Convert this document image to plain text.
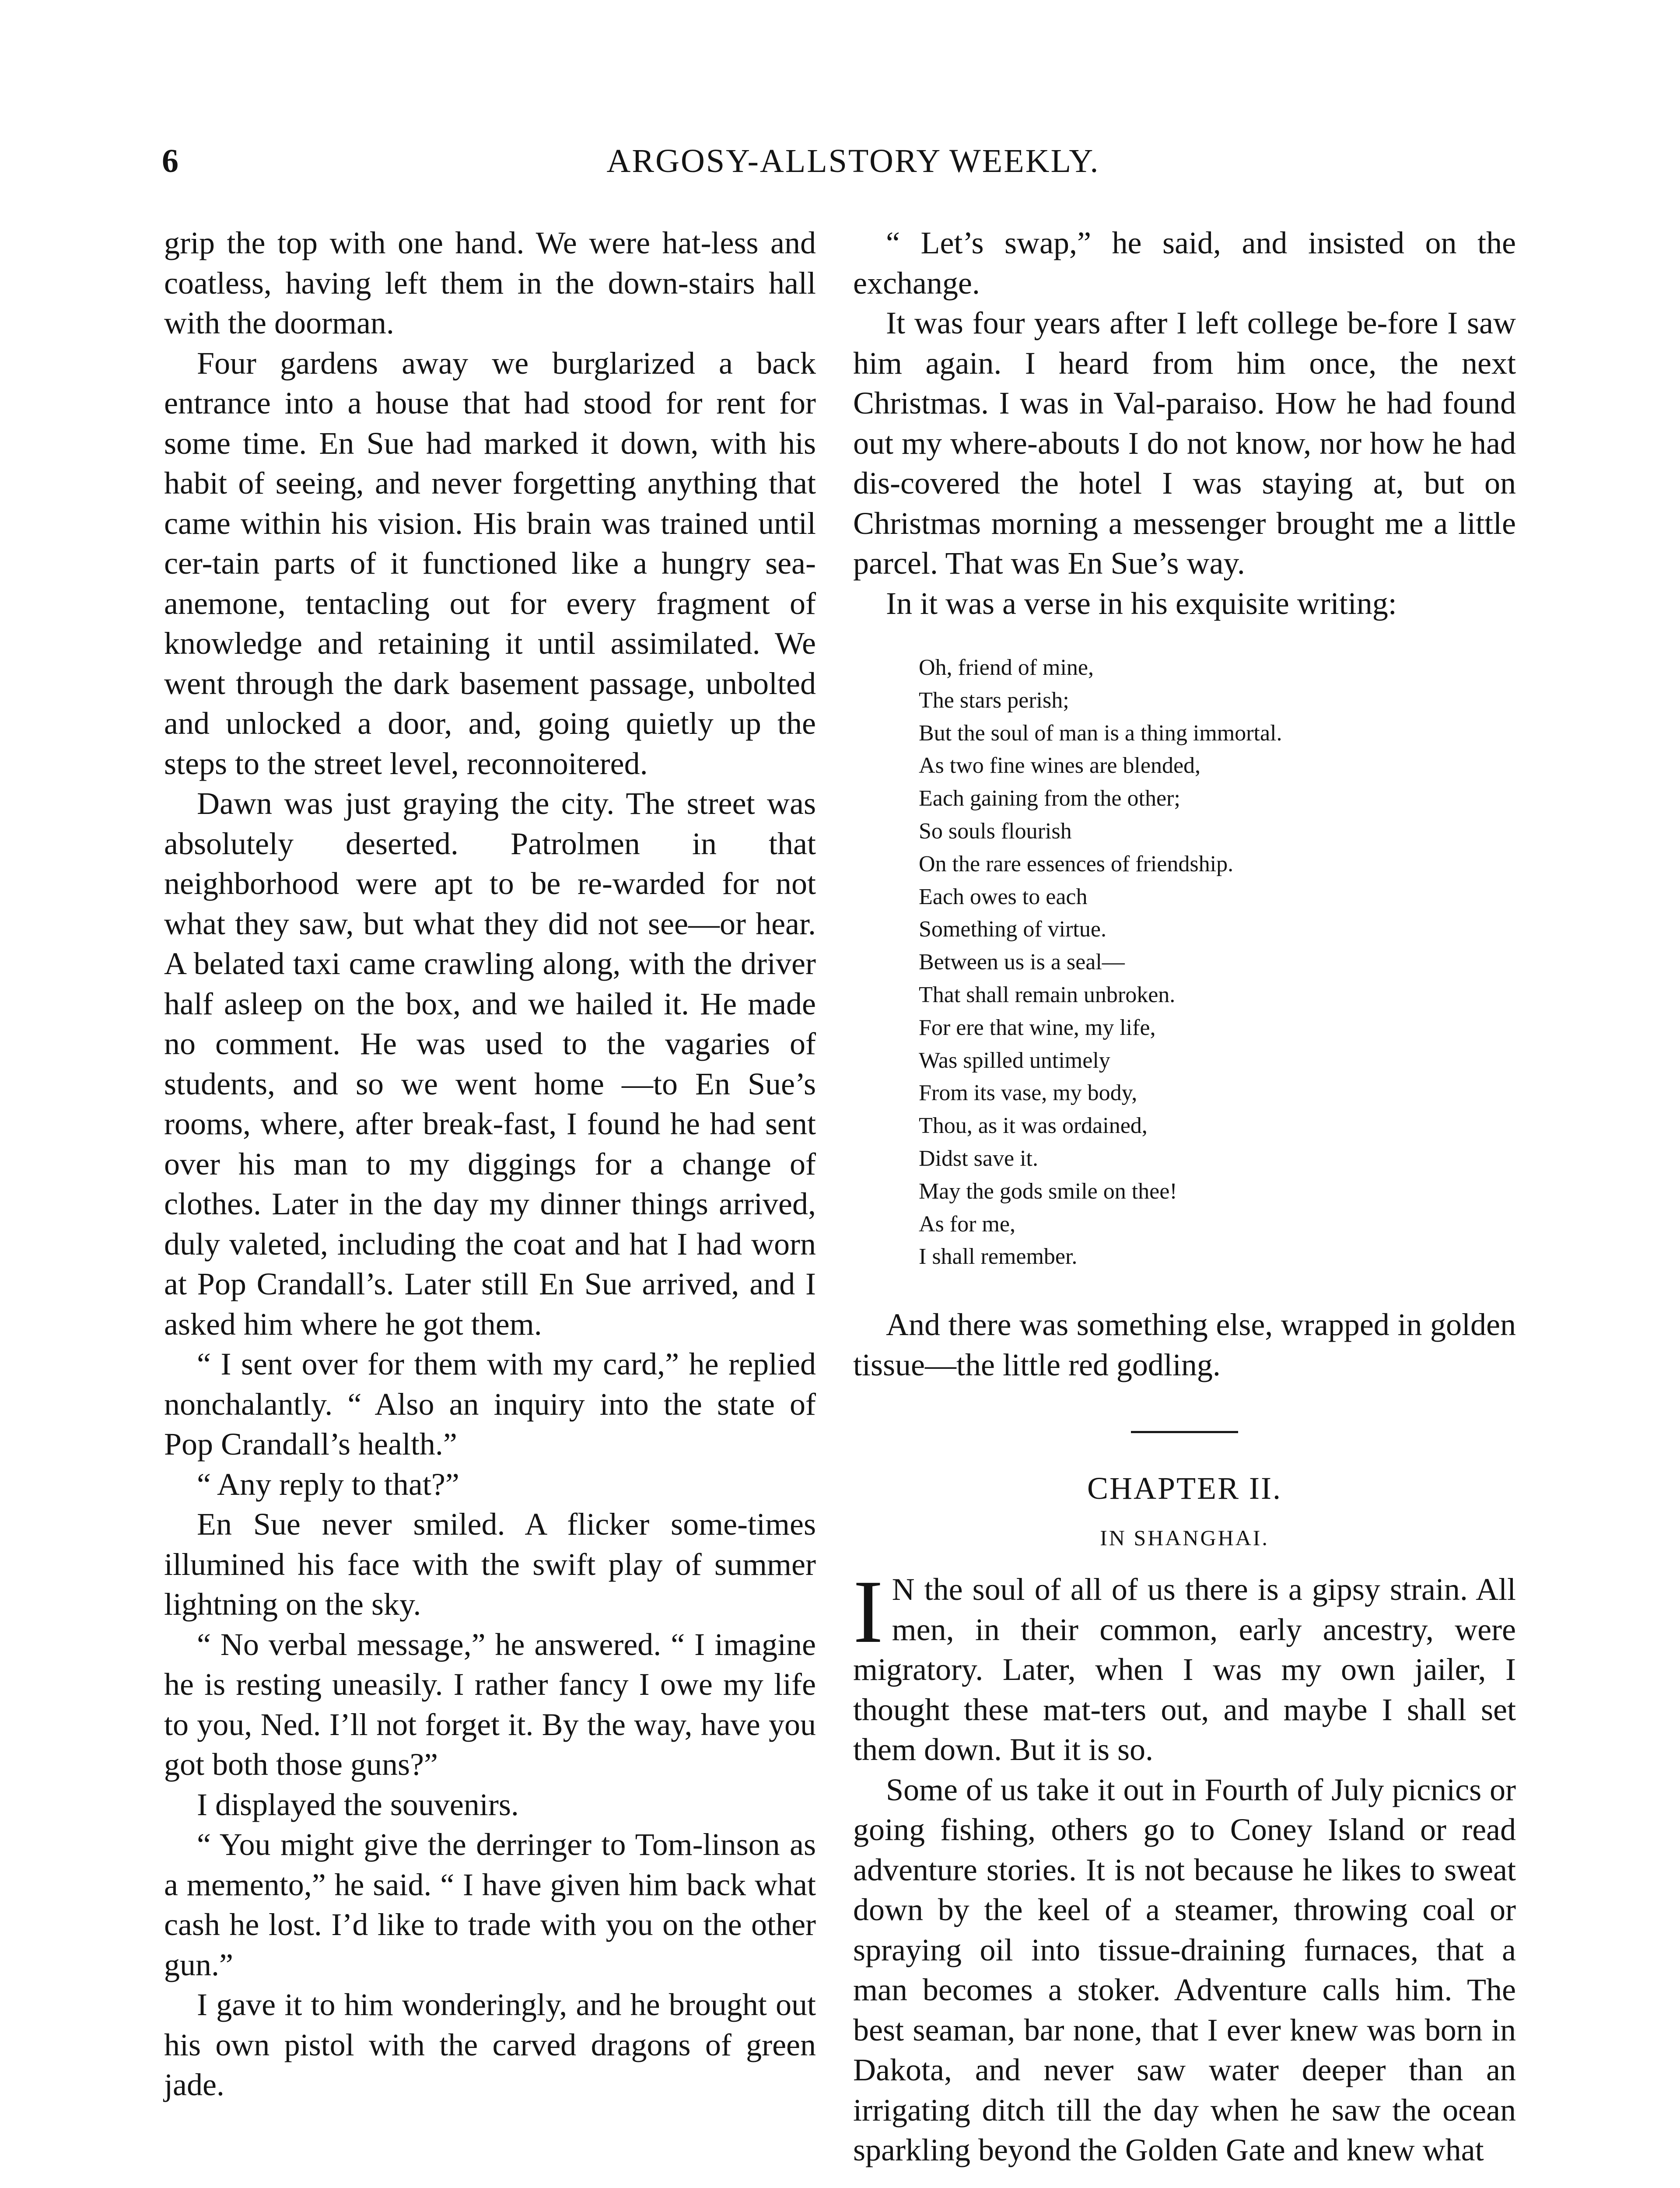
6	ARGOSY-ALLSTORY WEEKLY.

grip the top with one hand. We were hat-less and coatless, having left them in the down-stairs hall with the doorman.

Four gardens away we burglarized a back entrance into a house that had stood for rent for some time. En Sue had marked it down, with his habit of seeing, and never forgetting anything that came within his vision. His brain was trained until cer-tain parts of it functioned like a hungry sea-anemone, tentacling out for every fragment of knowledge and retaining it until assimilated. We went through the dark basement passage, unbolted and unlocked a door, and, going quietly up the steps to the street level, reconnoitered.

Dawn was just graying the city. The street was absolutely deserted. Patrolmen in that neighborhood were apt to be re-warded for not what they saw, but what they did not see—or hear. A belated taxi came crawling along, with the driver half asleep on the box, and we hailed it. He made no comment. He was used to the vagaries of students, and so we went home —to En Sue’s rooms, where, after break-fast, I found he had sent over his man to my diggings for a change of clothes. Later in the day my dinner things arrived, duly valeted, including the coat and hat I had worn at Pop Crandall’s. Later still En Sue arrived, and I asked him where he got them.

“ I sent over for them with my card,” he replied nonchalantly. “ Also an inquiry into the state of Pop Crandall’s health.”

“ Any reply to that?”

En Sue never smiled. A flicker some-times illumined his face with the swift play of summer lightning on the sky.

“ No verbal message,” he answered. “ I imagine he is resting uneasily. I rather fancy I owe my life to you, Ned. I’ll not forget it. By the way, have you got both those guns?”

I displayed the souvenirs.

“ You might give the derringer to Tom-linson as a memento,” he said. “ I have given him back what cash he lost. I’d like to trade with you on the other gun.”

I gave it to him wonderingly, and he brought out his own pistol with the carved dragons of green jade.

“ Let’s swap,” he said, and insisted on the exchange.

It was four years after I left college be-fore I saw him again. I heard from him once, the next Christmas. I was in Val-paraiso. How he had found out my where-abouts I do not know, nor how he had dis-covered the hotel I was staying at, but on Christmas morning a messenger brought me a little parcel. That was En Sue’s way.

In it was a verse in his exquisite writing:

Oh, friend of mine,
The stars perish;
But the soul of man is a thing immortal.
As two fine wines are blended,
Each gaining from the other;
So souls flourish
On the rare essences of friendship.
Each owes to each
Something of virtue.
Between us is a seal—
That shall remain unbroken.
For ere that wine, my life,
Was spilled untimely
From its vase, my body,
Thou, as it was ordained,
Didst save it.
May the gods smile on thee!
As for me,
I shall remember.

And there was something else, wrapped in golden tissue—the little red godling.

CHAPTER II.
IN SHANGHAI.

I N the soul of all of us there is a gipsy strain. All men, in their common, early ancestry, were migratory. Later, when I was my own jailer, I thought these mat-ters out, and maybe I shall set them down. But it is so.

Some of us take it out in Fourth of July picnics or going fishing, others go to Coney Island or read adventure stories. It is not because he likes to sweat down by the keel of a steamer, throwing coal or spraying oil into tissue-draining furnaces, that a man becomes a stoker. Adventure calls him. The best seaman, bar none, that I ever knew was born in Dakota, and never saw water deeper than an irrigating ditch till the day when he saw the ocean sparkling beyond the Golden Gate and knew what
